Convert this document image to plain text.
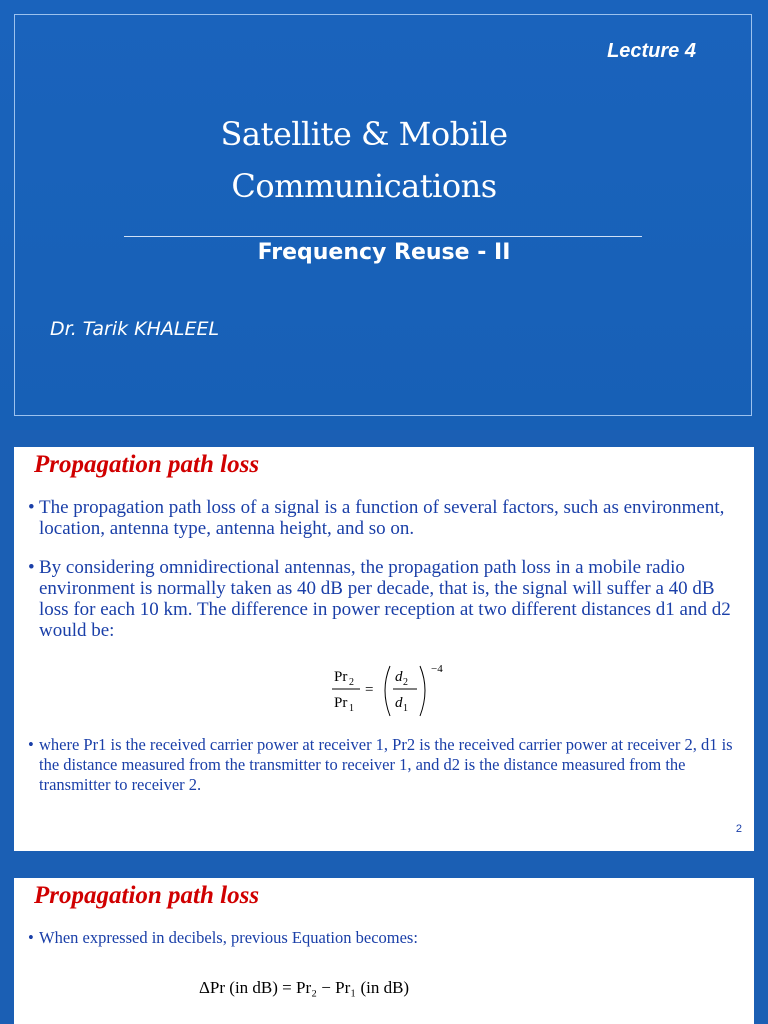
Lecture 4
Satellite & Mobile
Communications
Frequency Reuse - II
Dr. Tarik KHALEEL
Propagation path loss
• The propagation path loss of a signal is a function of several factors, such as environment, location, antenna type, antenna height, and so on.
• By considering omnidirectional antennas, the propagation path loss in a mobile radio environment is normally taken as 40 dB per decade, that is, the signal will suffer a 40 dB loss for each 10 km. The difference in power reception at two different distances d1 and d2 would be:
Pr 2
Pr 1
=
d 2
d 1
−4
• where Pr1 is the received carrier power at receiver 1, Pr2 is the received carrier power at receiver 2, d1 is the distance measured from the transmitter to receiver 1, and d2 is the distance measured from the transmitter to receiver 2.
2
Propagation path loss
• When expressed in decibels, previous Equation becomes:
ΔPr (in dB) = Pr₂ − Pr₁ (in dB)
